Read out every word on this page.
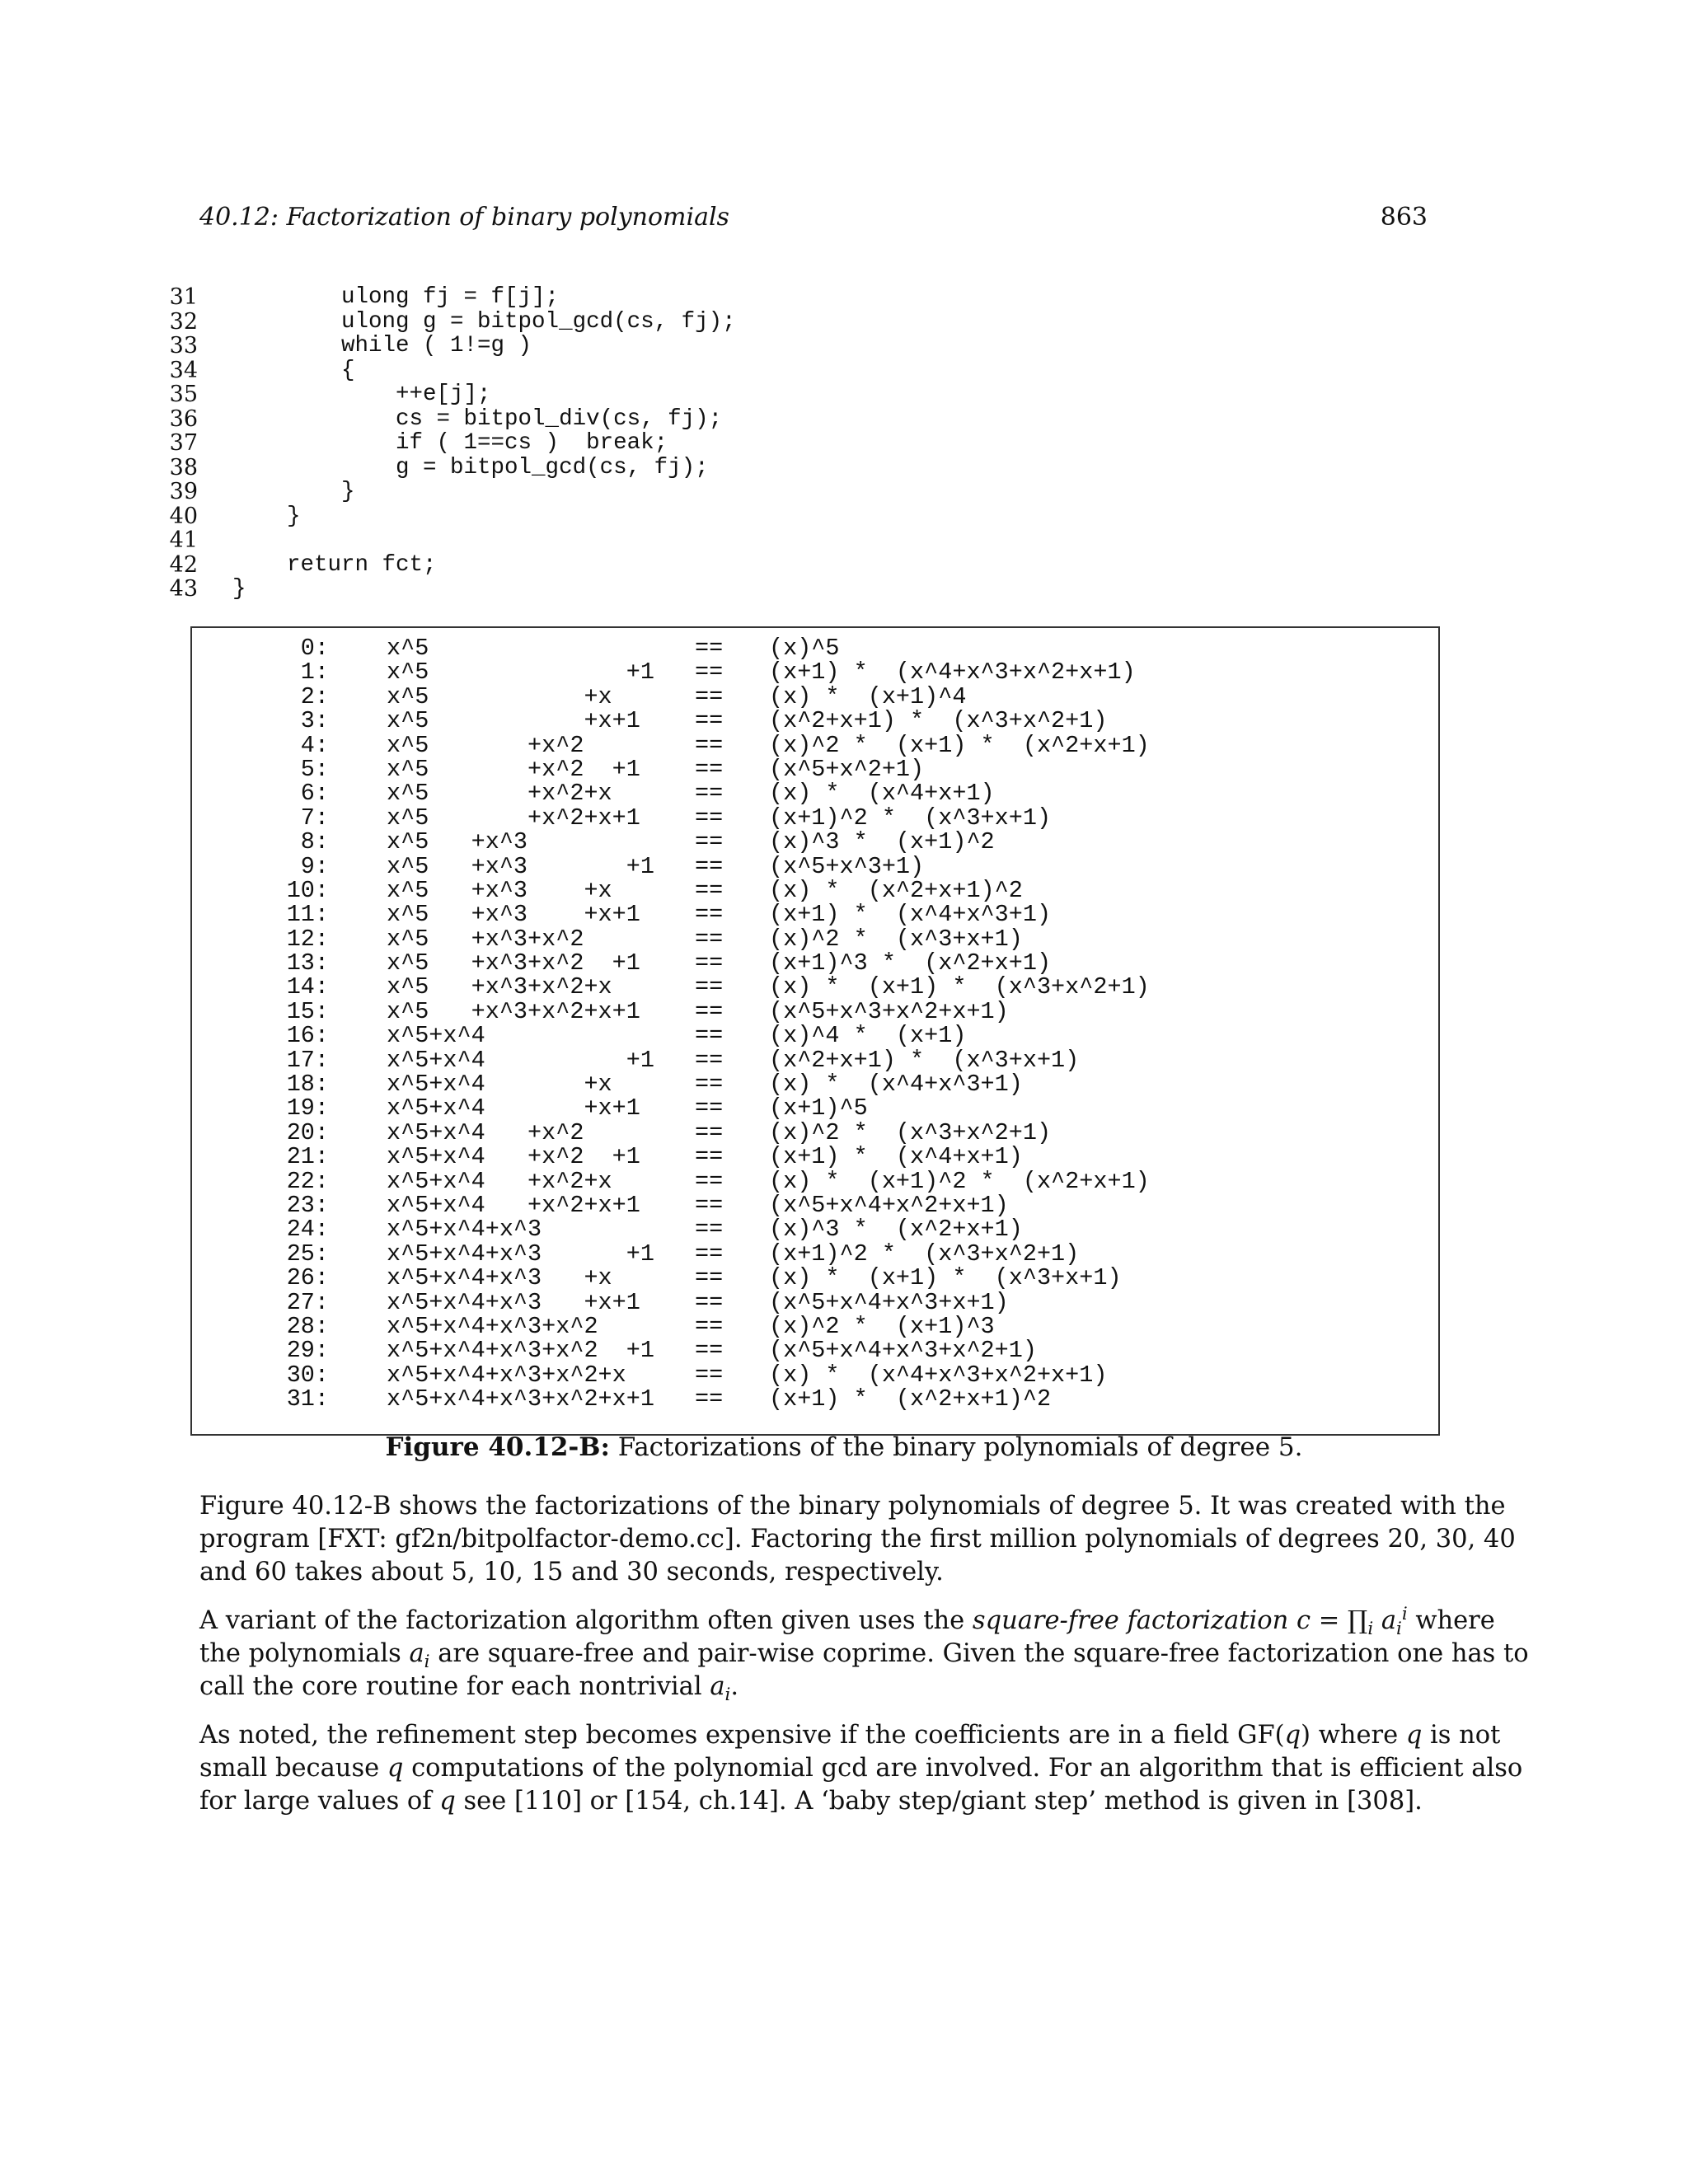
40.12: Factorization of binary polynomials	863
31 ulong fj = f[j];
32 ulong g = bitpol_gcd(cs, fj);
33 while ( 1!=g )
34 {
35 ++e[j];
36 cs = bitpol_div(cs, fj);
37 if ( 1==cs )  break;
38 g = bitpol_gcd(cs, fj);
39 }
40 }
41
42 return fct;
43 }
0: x^5	== (x)^5
1: x^5              +1 == (x+1) *  (x^4+x^3+x^2+x+1)
2: x^5           +x	== (x) *  (x+1)^4
3: x^5           +x+1 == (x^2+x+1) *  (x^3+x^2+1)
4: x^5       +x^2	== (x)^2 *  (x+1) *  (x^2+x+1)
5: x^5       +x^2  +1 == (x^5+x^2+1)
6: x^5       +x^2+x	== (x) *  (x^4+x+1)
7: x^5       +x^2+x+1 == (x+1)^2 *  (x^3+x+1)
8: x^5   +x^3	== (x)^3 *  (x+1)^2
9: x^5   +x^3       +1 == (x^5+x^3+1)
10: x^5   +x^3    +x	== (x) *  (x^2+x+1)^2
11: x^5   +x^3    +x+1 == (x+1) *  (x^4+x^3+1)
12: x^5   +x^3+x^2	== (x)^2 *  (x^3+x+1)
13: x^5   +x^3+x^2  +1 == (x+1)^3 *  (x^2+x+1)
14: x^5   +x^3+x^2+x	== (x) *  (x+1) *  (x^3+x^2+1)
15: x^5   +x^3+x^2+x+1 == (x^5+x^3+x^2+x+1)
16: x^5+x^4	== (x)^4 *  (x+1)
17: x^5+x^4          +1 == (x^2+x+1) *  (x^3+x+1)
18: x^5+x^4       +x	== (x) *  (x^4+x^3+1)
19: x^5+x^4       +x+1 == (x+1)^5
20: x^5+x^4   +x^2	== (x)^2 *  (x^3+x^2+1)
21: x^5+x^4   +x^2  +1 == (x+1) *  (x^4+x+1)
22: x^5+x^4   +x^2+x	== (x) *  (x+1)^2 *  (x^2+x+1)
23: x^5+x^4   +x^2+x+1 == (x^5+x^4+x^2+x+1)
24: x^5+x^4+x^3	== (x)^3 *  (x^2+x+1)
25: x^5+x^4+x^3      +1 == (x+1)^2 *  (x^3+x^2+1)
26: x^5+x^4+x^3   +x	== (x) *  (x+1) *  (x^3+x+1)
27: x^5+x^4+x^3   +x+1 == (x^5+x^4+x^3+x+1)
28: x^5+x^4+x^3+x^2	== (x)^2 *  (x+1)^3
29: x^5+x^4+x^3+x^2  +1 == (x^5+x^4+x^3+x^2+1)
30: x^5+x^4+x^3+x^2+x	== (x) *  (x^4+x^3+x^2+x+1)
31: x^5+x^4+x^3+x^2+x+1 == (x+1) *  (x^2+x+1)^2
Figure 40.12-B: Factorizations of the binary polynomials of degree 5.
Figure 40.12-B shows the factorizations of the binary polynomials of degree 5. It was created with the
program [FXT: gf2n/bitpolfactor-demo.cc]. Factoring the first million polynomials of degrees 20, 30, 40
and 60 takes about 5, 10, 15 and 30 seconds, respectively.
A variant of the factorization algorithm often given uses the square-free factorization $c = \prod_i$ $a_i^i$ where
the polynomials $a_i$ are square-free and pair-wise coprime. Given the square-free factorization one has to
call the core routine for each nontrivial $a_i$.
As noted, the refinement step becomes expensive if the coefficients are in a field GF(q) where q is not
small because q computations of the polynomial gcd are involved. For an algorithm that is efficient also
for large values of q see [110] or [154, ch.14]. A ‘baby step/giant step’ method is given in [308].
